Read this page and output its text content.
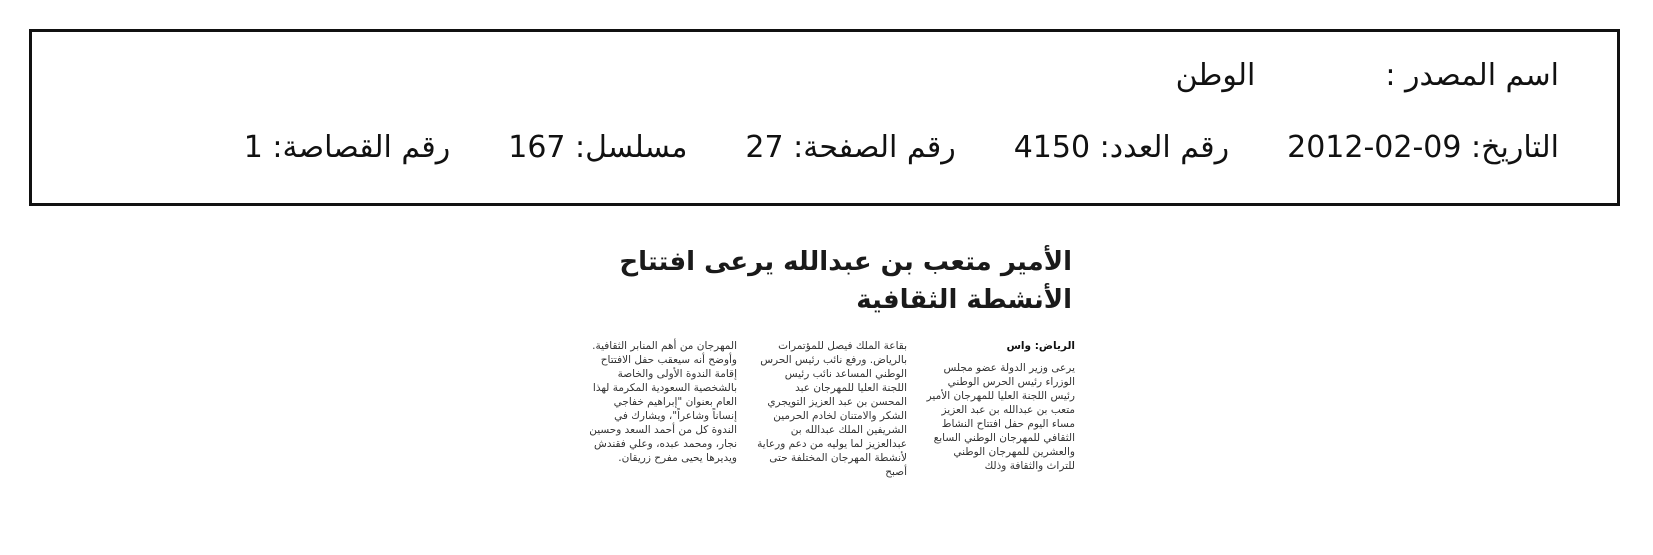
اسم المصدر :
الوطن
التاريخ: 2012-02-09
رقم العدد: 4150
رقم الصفحة: 27
مسلسل: 167
رقم القصاصة: 1
الأمير متعب بن عبدالله يرعى افتتاح
الأنشطة الثقافية

الرياض: واس

يرعى وزير الدولة عضو مجلس الوزراء رئيس الحرس الوطني رئيس اللجنة العليا للمهرجان الأمير متعب بن عبدالله بن عبد العزيز مساء اليوم حفل افتتاح النشاط الثقافي للمهرجان الوطني السابع والعشرين للمهرجان الوطني للتراث والثقافة وذلك

بقاعة الملك فيصل للمؤتمرات بالرياض. ورفع نائب رئيس الحرس الوطني المساعد نائب رئيس اللجنة العليا للمهرجان عبد المحسن بن عبد العزيز التويجري الشكر والامتنان لخادم الحرمين الشريفين الملك عبدالله بن عبدالعزيز لما يوليه من دعم ورعاية لأنشطة المهرجان المختلفة حتى أصبح

المهرجان من أهم المنابر الثقافية. وأوضح أنه سيعقب حفل الافتتاح إقامة الندوة الأولى والخاصة بالشخصية السعودية المكرمة لهذا العام بعنوان "إبراهيم خفاجي إنساناً وشاعراً"، ويشارك في الندوة كل من أحمد السعد وحسين نجار، ومحمد عبده، وعلي فقندش ويديرها يحيى مفرح زريقان.
